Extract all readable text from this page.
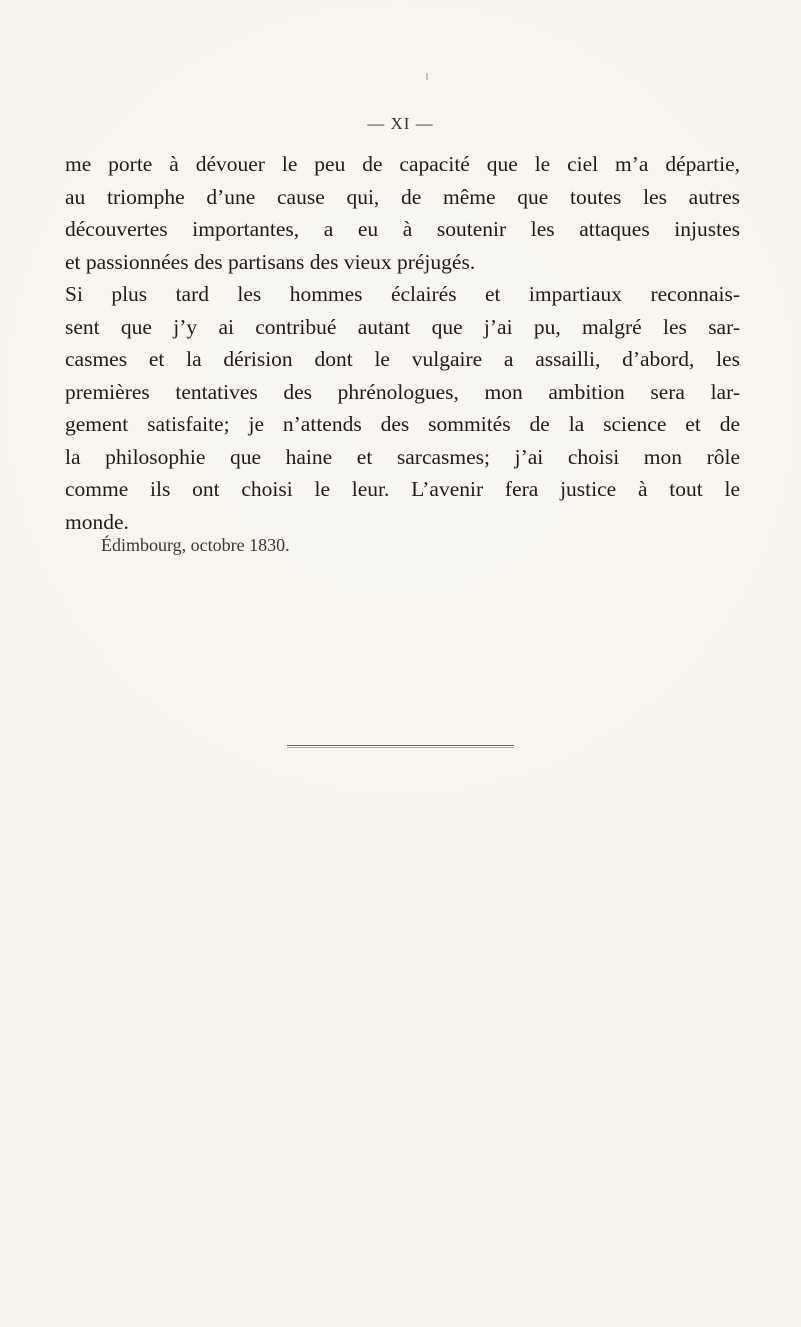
— XI —
me porte à dévouer le peu de capacité que le ciel m’a départie,
au triomphe d’une cause qui, de même que toutes les autres
découvertes importantes, a eu à soutenir les attaques injustes
et passionnées des partisans des vieux préjugés.
Si plus tard les hommes éclairés et impartiaux reconnais-
sent que j’y ai contribué autant que j’ai pu, malgré les sar-
casmes et la dérision dont le vulgaire a assailli, d’abord, les
premières tentatives des phrénologues, mon ambition sera lar-
gement satisfaite; je n’attends des sommités de la science et de
la philosophie que haine et sarcasmes; j’ai choisi mon rôle
comme ils ont choisi le leur. L’avenir fera justice à tout le
monde.
Édimbourg, octobre 1830.
